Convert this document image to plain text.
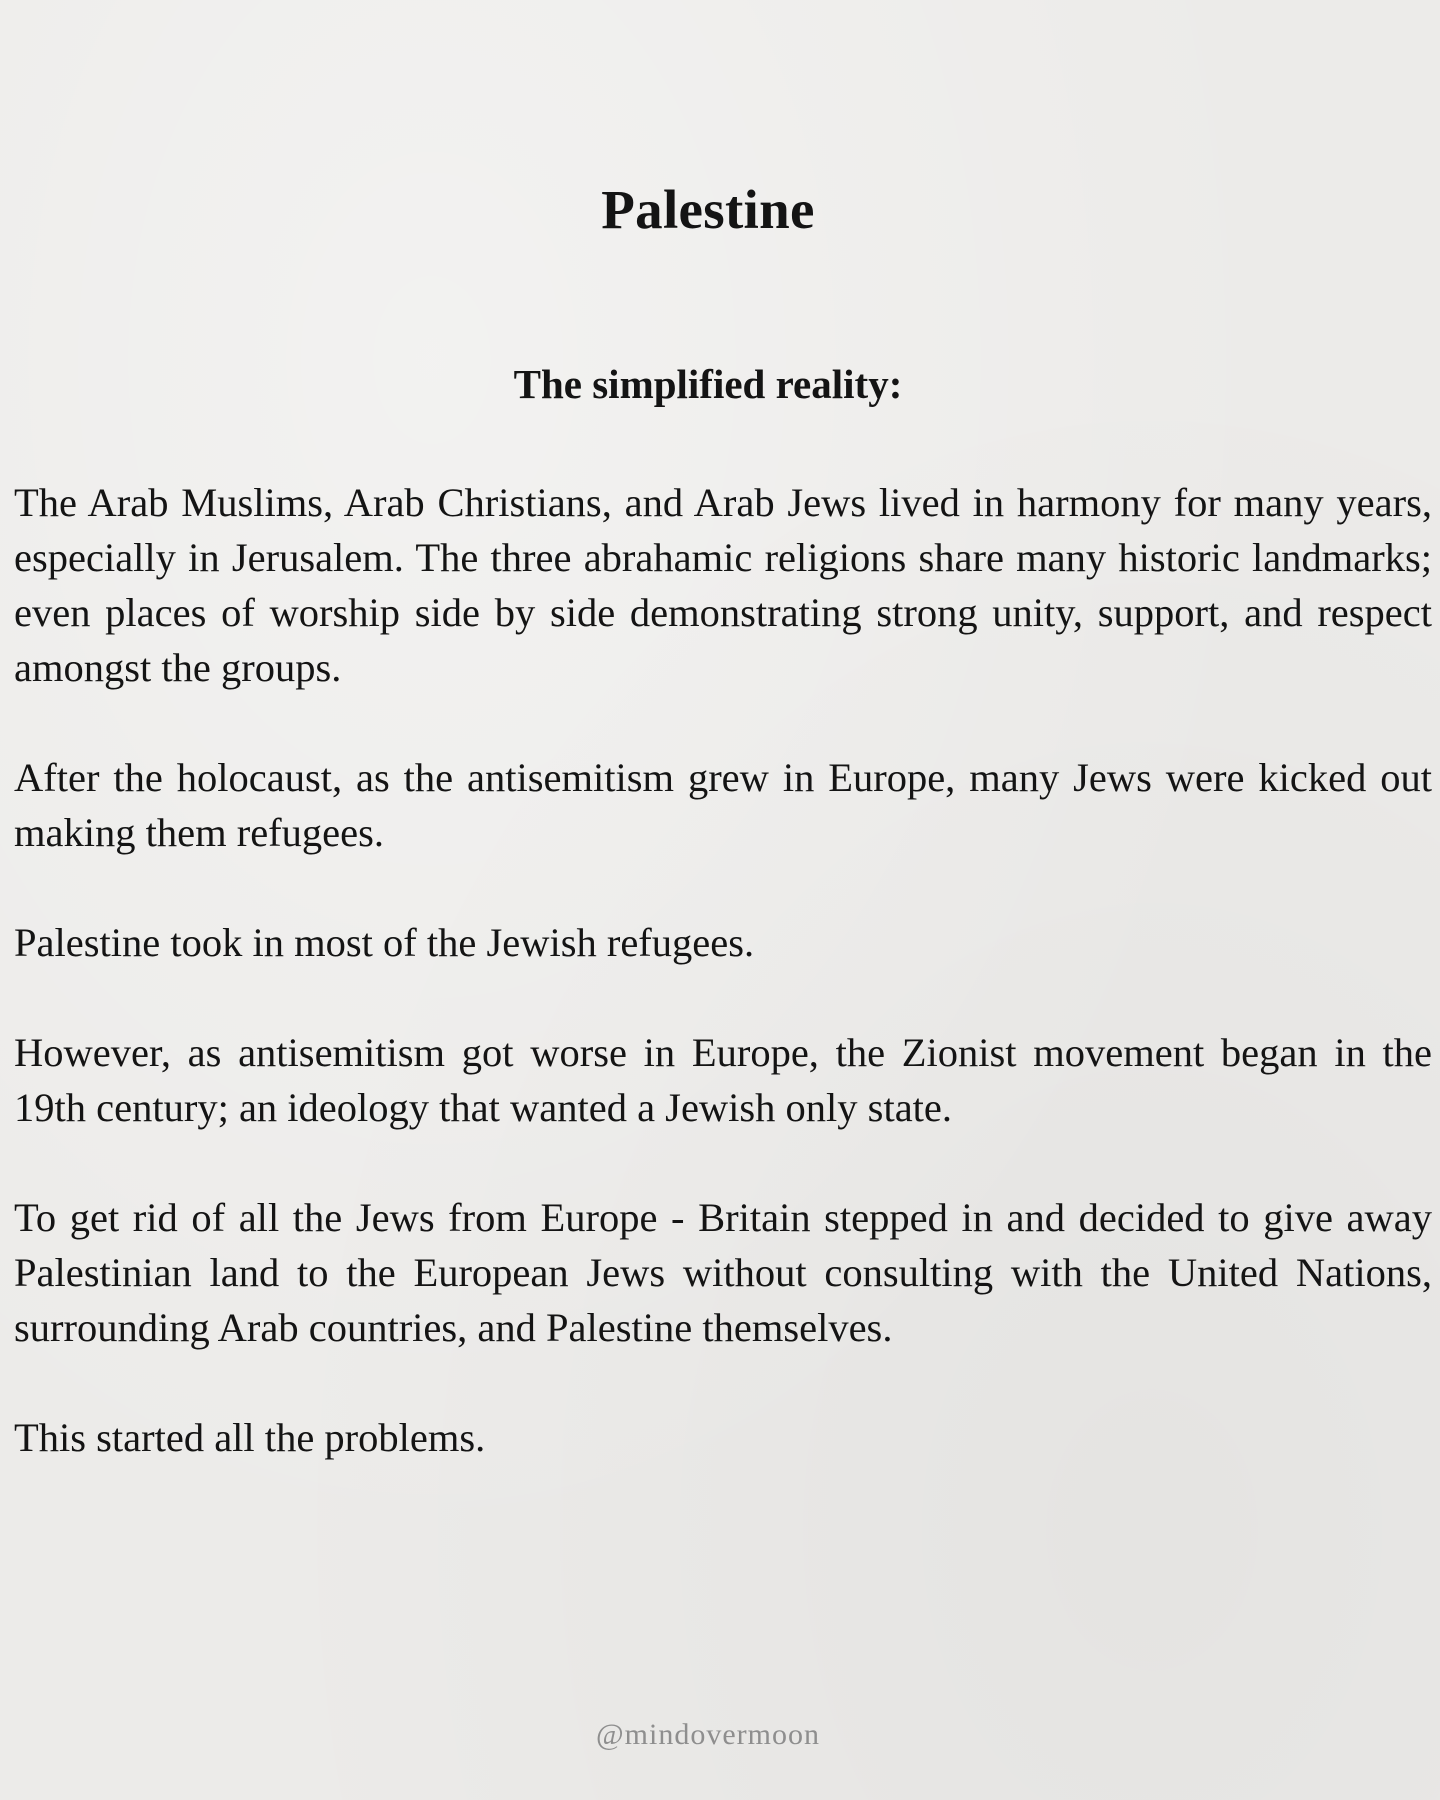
Palestine
The simplified reality:

The Arab Muslims, Arab Christians, and Arab Jews lived in harmony for many years, especially in Jerusalem. The three abrahamic religions share many historic landmarks; even places of worship side by side demonstrating strong unity, support, and respect amongst the groups.

After the holocaust, as the antisemitism grew in Europe, many Jews were kicked out making them refugees.

Palestine took in most of the Jewish refugees.

However, as antisemitism got worse in Europe, the Zionist movement began in the 19th century; an ideology that wanted a Jewish only state.

To get rid of all the Jews from Europe - Britain stepped in and decided to give away Palestinian land to the European Jews without consulting with the United Nations, surrounding Arab countries, and Palestine themselves.

This started all the problems.

@mindovermoon
